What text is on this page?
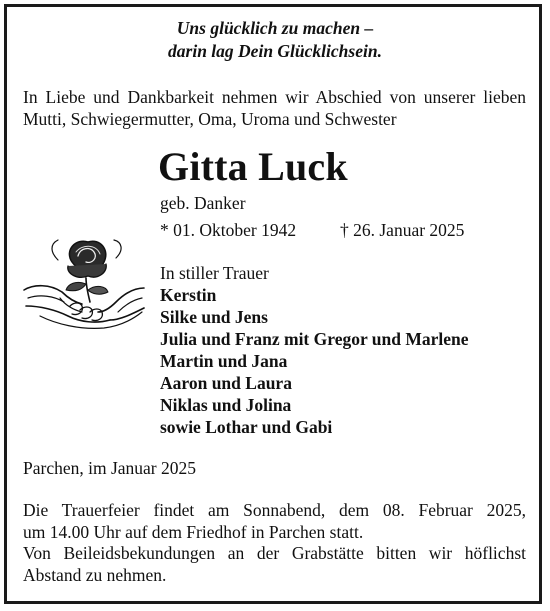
Uns glücklich zu machen –
darin lag Dein Glücklichsein.
In Liebe und Dankbarkeit nehmen wir Abschied von unserer lieben Mutti, Schwiegermutter, Oma, Uroma und Schwester
Gitta Luck
geb. Danker
* 01. Oktober 1942	† 26. Januar 2025
In stiller Trauer
Kerstin
Silke und Jens
Julia und Franz mit Gregor und Marlene
Martin und Jana
Aaron und Laura
Niklas und Jolina
sowie Lothar und Gabi
Parchen, im Januar 2025
Die Trauerfeier findet am Sonnabend, dem 08. Februar 2025,
um 14.00 Uhr auf dem Friedhof in Parchen statt.
Von Beileidsbekundungen an der Grabstätte bitten wir höflichst
Abstand zu nehmen.
